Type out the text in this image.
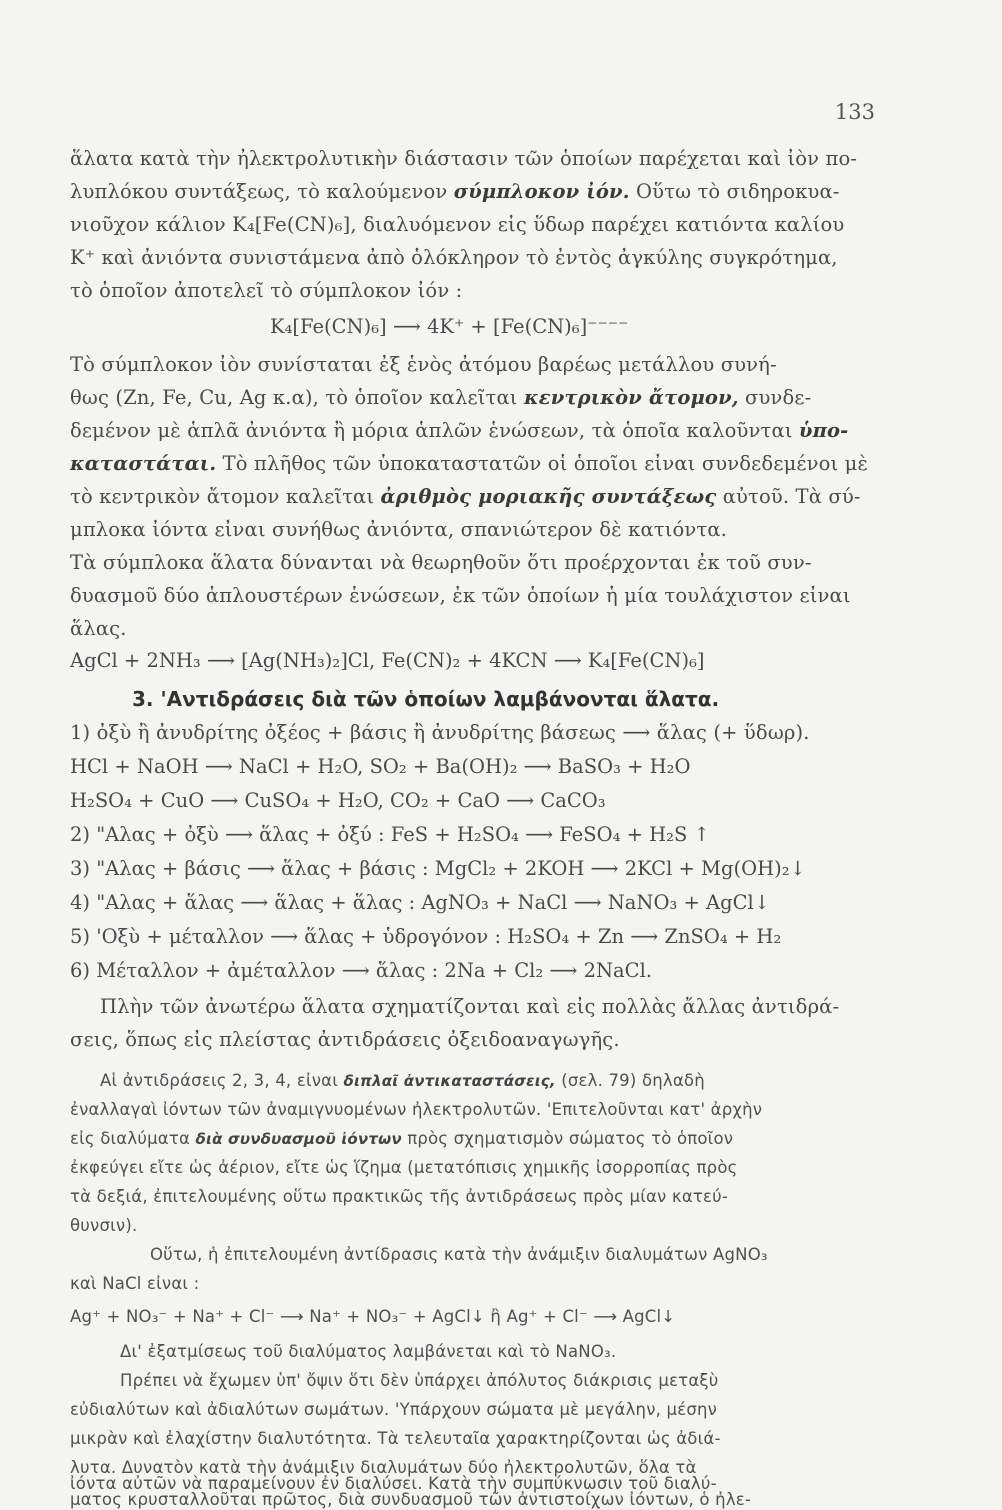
133
ἅλατα κατὰ τὴν ἠλεκτρολυτικὴν διάστασιν τῶν ὁποίων παρέχεται καὶ ἰὸν πο-
λυπλόκου συντάξεως, τὸ καλούμενον σύμπλοκον ἰόν. Οὕτω τὸ σιδηροκυα-
νιοῦχον κάλιον K₄[Fe(CN)₆], διαλυόμενον εἰς ὕδωρ παρέχει κατιόντα καλίου
K⁺ καὶ ἀνιόντα συνιστάμενα ἀπὸ ὁλόκληρον τὸ ἐντὸς ἀγκύλης συγκρότημα,
τὸ ὁποῖον ἀποτελεῖ τὸ σύμπλοκον ἰόν :
K₄[Fe(CN)₆] ⟶ 4K⁺ + [Fe(CN)₆]⁻⁻⁻⁻
Τὸ σύμπλοκον ἰὸν συνίσταται ἐξ ἑνὸς ἀτόμου βαρέως μετάλλου συνή-
θως (Zn, Fe, Cu, Ag κ.α), τὸ ὁποῖον καλεῖται κεντρικὸν ἄτομον, συνδε-
δεμένον μὲ ἁπλᾶ ἀνιόντα ἢ μόρια ἁπλῶν ἑνώσεων, τὰ ὁποῖα καλοῦνται ὑπο-
καταστάται. Τὸ πλῆθος τῶν ὑποκαταστατῶν οἱ ὁποῖοι εἶναι συνδεδεμένοι μὲ
τὸ κεντρικὸν ἄτομον καλεῖται ἀριθμὸς μοριακῆς συντάξεως αὐτοῦ. Τὰ σύ-
μπλοκα ἰόντα εἶναι συνήθως ἀνιόντα, σπανιώτερον δὲ κατιόντα.
Τὰ σύμπλοκα ἅλατα δύνανται νὰ θεωρηθοῦν ὅτι προέρχονται ἐκ τοῦ συν-
δυασμοῦ δύο ἁπλουστέρων ἑνώσεων, ἐκ τῶν ὁποίων ἡ μία τουλάχιστον εἶναι
ἅλας.
AgCl + 2NH₃ ⟶ [Ag(NH₃)₂]Cl, Fe(CN)₂ + 4KCN ⟶ K₄[Fe(CN)₆]
3. 'Αντιδράσεις διὰ τῶν ὁποίων λαμβάνονται ἅλατα.
1) ὀξὺ ἢ ἀνυδρίτης ὀξέος + βάσις ἢ ἀνυδρίτης βάσεως ⟶ ἅλας (+ ὕδωρ).
HCl + NaOH ⟶ NaCl + H₂O, SO₂ + Ba(OH)₂ ⟶ BaSO₃ + H₂O
H₂SO₄ + CuO ⟶ CuSO₄ + H₂O, CO₂ + CaO ⟶ CaCO₃
2) "Αλας + ὀξὺ ⟶ ἅλας + ὀξύ : FeS + H₂SO₄ ⟶ FeSO₄ + H₂S ↑
3) "Αλας + βάσις ⟶ ἅλας + βάσις : MgCl₂ + 2KOH ⟶ 2KCl + Mg(OH)₂↓
4) "Αλας + ἅλας ⟶ ἅλας + ἅλας : AgNO₃ + NaCl ⟶ NaNO₃ + AgCl↓
5) 'Οξὺ + μέταλλον ⟶ ἅλας + ὑδρογόνον : H₂SO₄ + Zn ⟶ ZnSO₄ + H₂
6) Μέταλλον + ἀμέταλλον ⟶ ἅλας : 2Na + Cl₂ ⟶ 2NaCl.
Πλὴν τῶν ἀνωτέρω ἅλατα σχηματίζονται καὶ εἰς πολλὰς ἄλλας ἀντιδρά-
σεις, ὅπως εἰς πλείστας ἀντιδράσεις ὀξειδοαναγωγῆς.
Αἱ ἀντιδράσεις 2, 3, 4, εἶναι διπλαῖ ἀντικαταστάσεις, (σελ. 79) δηλαδὴ
ἐναλλαγαὶ ἰόντων τῶν ἀναμιγνυομένων ἠλεκτρολυτῶν. 'Επιτελοῦνται κατ' ἀρχὴν
εἰς διαλύματα διὰ συνδυασμοῦ ἰόντων πρὸς σχηματισμὸν σώματος τὸ ὁποῖον
ἐκφεύγει εἴτε ὡς ἀέριον, εἴτε ὡς ἵζημα (μετατόπισις χημικῆς ἰσορροπίας πρὸς
τὰ δεξιά, ἐπιτελουμένης οὕτω πρακτικῶς τῆς ἀντιδράσεως πρὸς μίαν κατεύ-
θυνσιν).
Οὕτω, ἡ ἐπιτελουμένη ἀντίδρασις κατὰ τὴν ἀνάμιξιν διαλυμάτων AgNO₃
καὶ NaCl εἶναι :
Ag⁺ + NO₃⁻ + Na⁺ + Cl⁻ ⟶ Na⁺ + NO₃⁻ + AgCl↓ ἢ Ag⁺ + Cl⁻ ⟶ AgCl↓
Δι' ἐξατμίσεως τοῦ διαλύματος λαμβάνεται καὶ τὸ NaNO₃.
Πρέπει νὰ ἔχωμεν ὑπ' ὄψιν ὅτι δὲν ὑπάρχει ἀπόλυτος διάκρισις μεταξὺ
εὐδιαλύτων καὶ ἀδιαλύτων σωμάτων. 'Υπάρχουν σώματα μὲ μεγάλην, μέσην
μικρὰν καὶ ἐλαχίστην διαλυτότητα. Τὰ τελευταῖα χαρακτηρίζονται ὡς ἀδιά-
λυτα. Δυνατὸν κατὰ τὴν ἀνάμιξιν διαλυμάτων δύο ἠλεκτρολυτῶν, ὅλα τὰ
ἰόντα αὐτῶν νὰ παραμείνουν ἐν διαλύσει. Κατὰ τὴν συμπύκνωσιν τοῦ διαλύ-
ματος κρυσταλλοῦται πρῶτος, διὰ συνδυασμοῦ τῶν ἀντιστοίχων ἰόντων, ὁ ἠλε-
